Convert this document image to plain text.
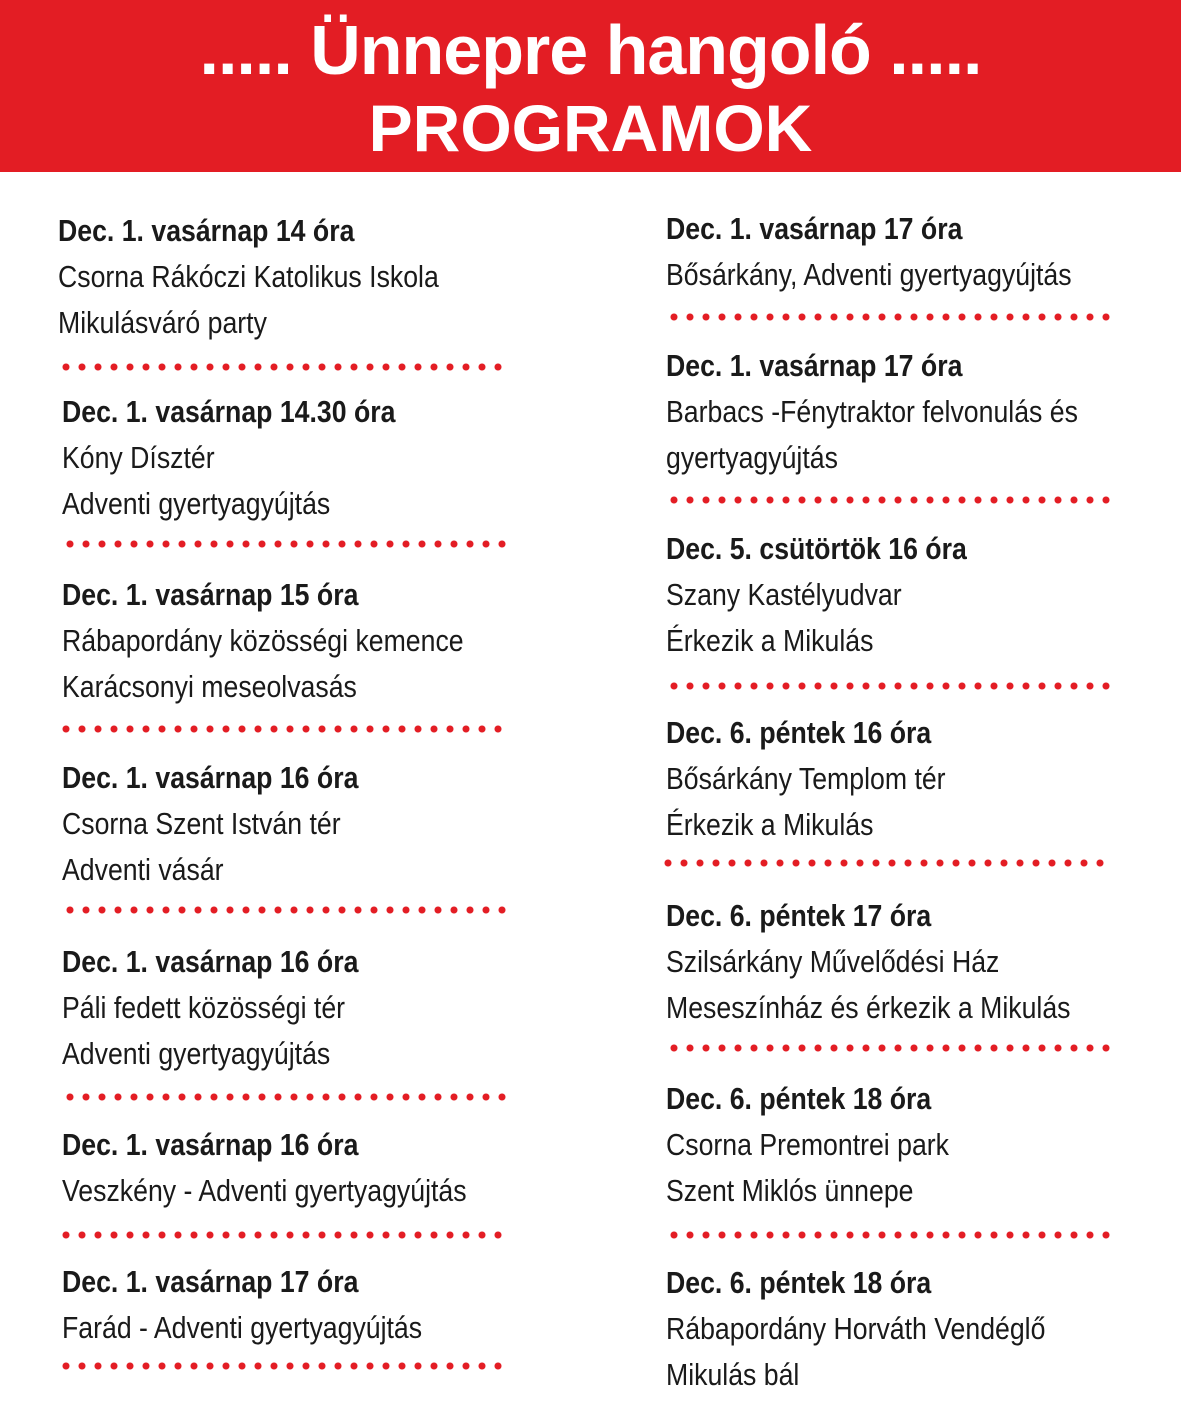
..... Ünnepre hangoló .....
PROGRAMOK
Dec. 1. vasárnap 14 óra
Csorna Rákóczi Katolikus Iskola
Mikulásváró party
Dec. 1. vasárnap 14.30 óra
Kóny Dísztér
Adventi gyertyagyújtás
Dec. 1. vasárnap 15 óra
Rábapordány közösségi kemence
Karácsonyi meseolvasás
Dec. 1. vasárnap 16 óra
Csorna Szent István tér
Adventi vásár
Dec. 1. vasárnap 16 óra
Páli fedett közösségi tér
Adventi gyertyagyújtás
Dec. 1. vasárnap 16 óra
Veszkény - Adventi gyertyagyújtás
Dec. 1. vasárnap 17 óra
Farád - Adventi gyertyagyújtás
Dec. 1. vasárnap 17 óra
Bősárkány, Adventi gyertyagyújtás
Dec. 1. vasárnap 17 óra
Barbacs -Fénytraktor felvonulás és
gyertyagyújtás
Dec. 5. csütörtök 16 óra
Szany Kastélyudvar
Érkezik a Mikulás
Dec. 6. péntek 16 óra
Bősárkány Templom tér
Érkezik a Mikulás
Dec. 6. péntek 17 óra
Szilsárkány Művelődési Ház
Meseszínház és érkezik a Mikulás
Dec. 6. péntek 18 óra
Csorna Premontrei park
Szent Miklós ünnepe
Dec. 6. péntek 18 óra
Rábapordány Horváth Vendéglő
Mikulás bál
